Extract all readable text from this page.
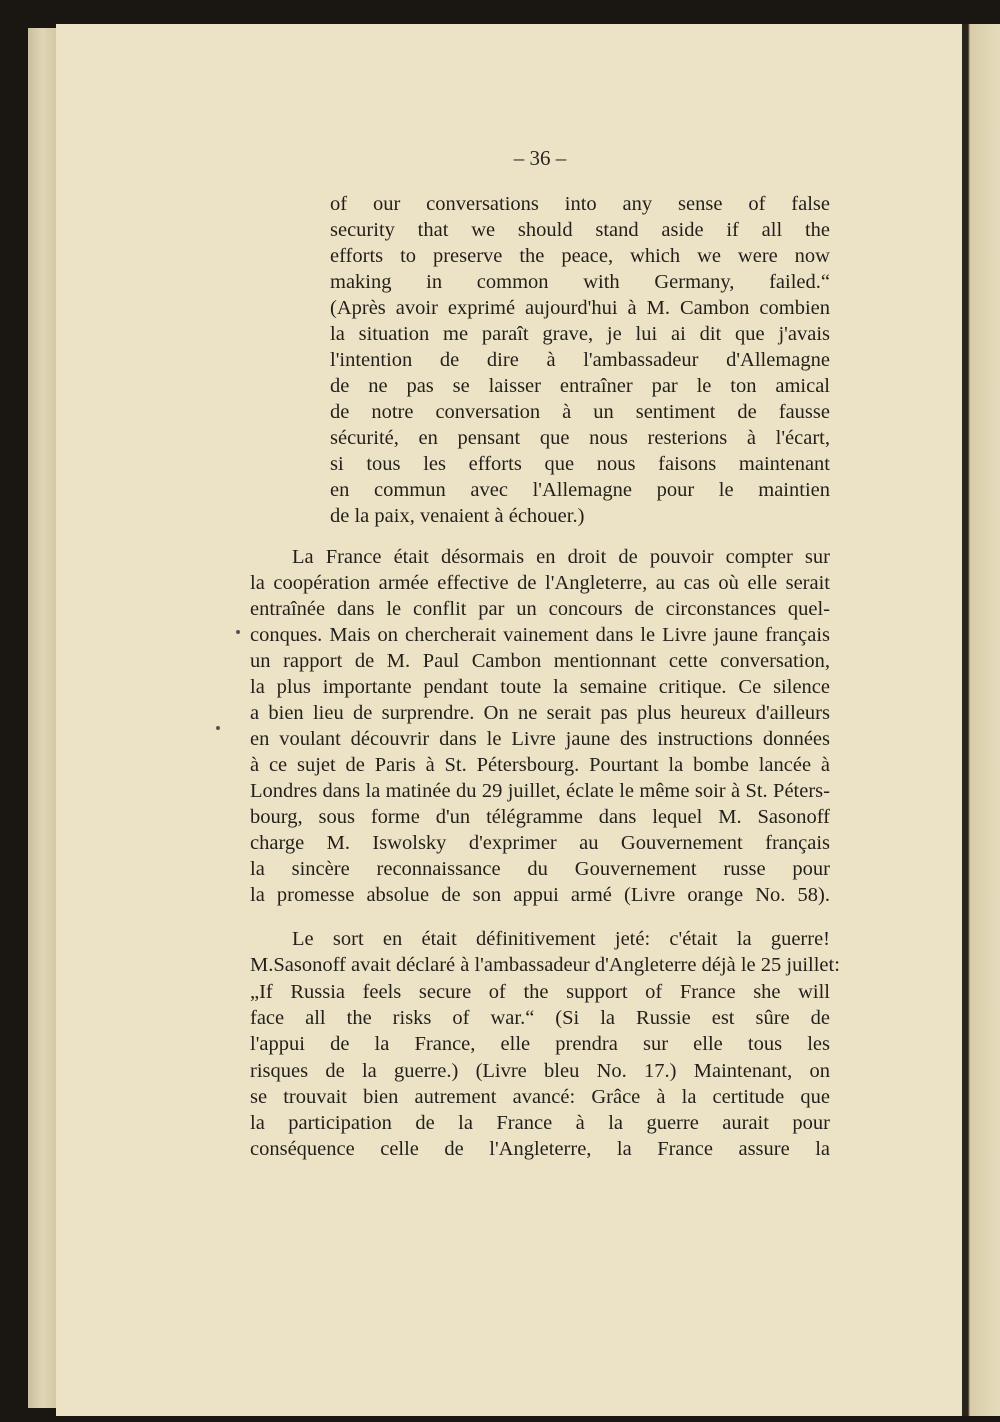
– 36 –
of our conversations into any sense of false
security that we should stand aside if all the
efforts to preserve the peace, which we were now
making in common with Germany, failed.“
(Après avoir exprimé aujourd'hui à M. Cambon combien
la situation me paraît grave, je lui ai dit que j'avais
l'intention de dire à l'ambassadeur d'Allemagne
de ne pas se laisser entraîner par le ton amical
de notre conversation à un sentiment de fausse
sécurité, en pensant que nous resterions à l'écart,
si tous les efforts que nous faisons maintenant
en commun avec l'Allemagne pour le maintien
de la paix, venaient à échouer.)
La France était désormais en droit de pouvoir compter sur
la coopération armée effective de l'Angleterre, au cas où elle serait
entraînée dans le conflit par un concours de circonstances quel-
conques. Mais on chercherait vainement dans le Livre jaune français
un rapport de M. Paul Cambon mentionnant cette conversation,
la plus importante pendant toute la semaine critique. Ce silence
a bien lieu de surprendre. On ne serait pas plus heureux d'ailleurs
en voulant découvrir dans le Livre jaune des instructions données
à ce sujet de Paris à St. Pétersbourg. Pourtant la bombe lancée à
Londres dans la matinée du 29 juillet, éclate le même soir à St. Péters-
bourg, sous forme d'un télégramme dans lequel M. Sasonoff
charge M. Iswolsky d'exprimer au Gouvernement français
la sincère reconnaissance du Gouvernement russe pour
la promesse absolue de son appui armé (Livre orange No. 58).
Le sort en était définitivement jeté: c'était la guerre!
M.Sasonoff avait déclaré à l'ambassadeur d'Angleterre déjà le 25 juillet:
„If Russia feels secure of the support of France she will
face all the risks of war.“ (Si la Russie est sûre de
l'appui de la France, elle prendra sur elle tous les
risques de la guerre.) (Livre bleu No. 17.) Maintenant, on
se trouvait bien autrement avancé: Grâce à la certitude que
la participation de la France à la guerre aurait pour
conséquence celle de l'Angleterre, la France assure la
